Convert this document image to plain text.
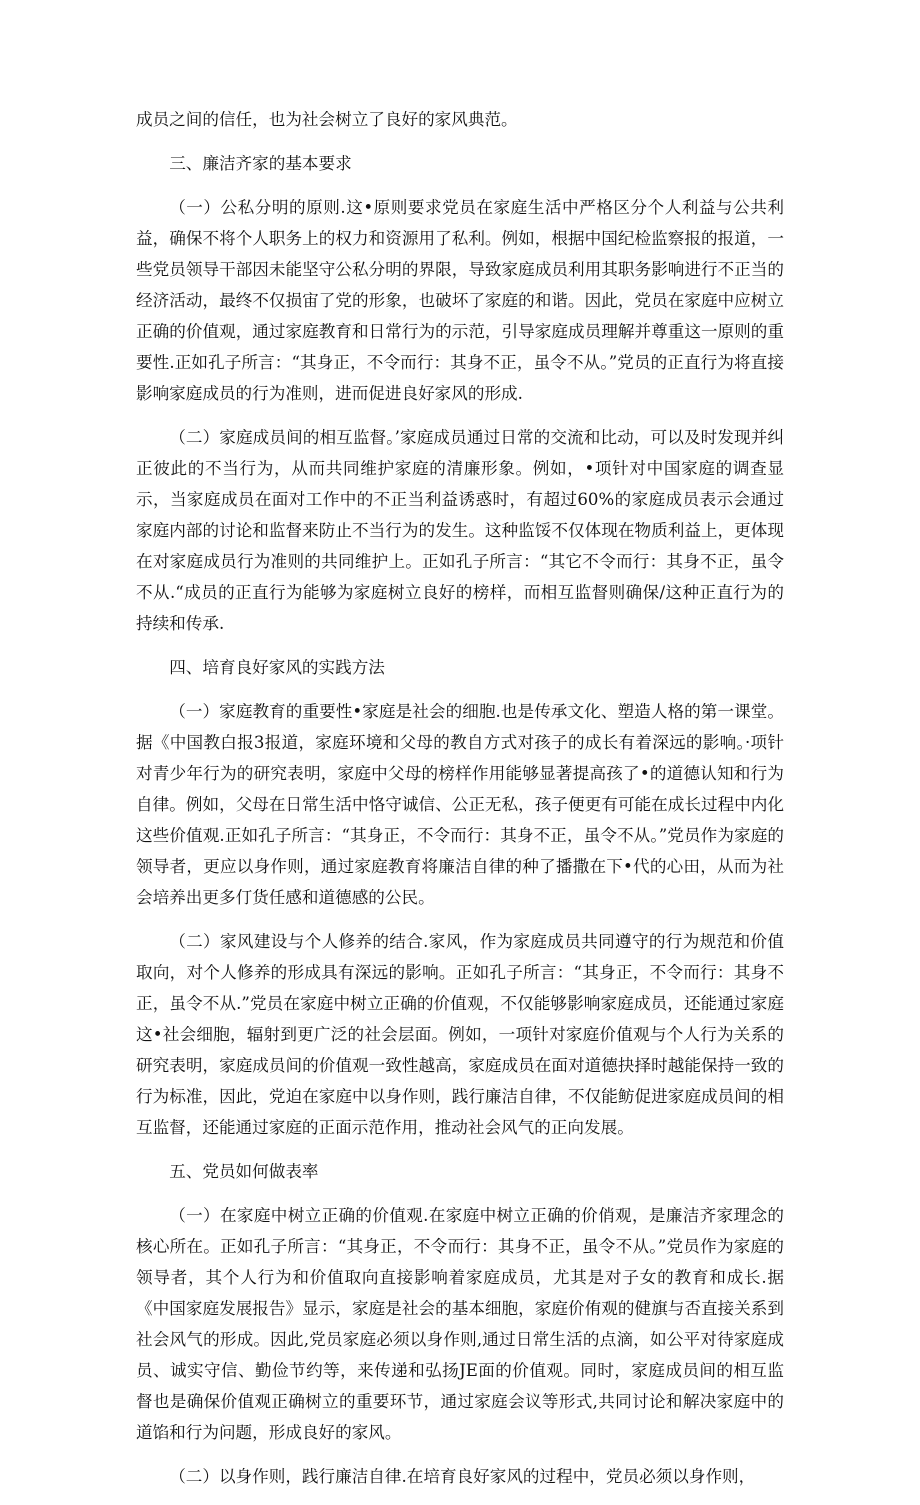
成员之间的信任，也为社会树立了良好的家风典范。

三、廉洁齐家的基本要求

（一）公私分明的原则.这•原则要求党员在家庭生活中严格区分个人利益与公共利益，确保不将个人职务上的权力和资源用了私利。例如，根据中国纪检监察报的报道，一些党员领导干部因未能坚守公私分明的界限，导致家庭成员利用其职务影响进行不正当的经济活动，最终不仅损宙了党的形象，也破坏了家庭的和谐。因此，党员在家庭中应树立正确的价值观，通过家庭教育和日常行为的示范，引导家庭成员理解并尊重这一原则的重要性.正如孔子所言：“其身正，不令而行：其身不正，虽令不从。”党员的正直行为将直接影响家庭成员的行为准则，进而促进良好家风的形成.

（二）家庭成员间的相互监督。’家庭成员通过日常的交流和比动，可以及时发现并纠正彼此的不当行为，从而共同维护家庭的清廉形象。例如，•项针对中国家庭的调查显示，当家庭成员在面对工作中的不正当利益诱惑时，有超过60%的家庭成员表示会通过家庭内部的讨论和监督来防止不当行为的发生。这种监馁不仅体现在物质利益上，更体现在对家庭成员行为准则的共同维护上。正如孔子所言：“其它不令而行：其身不正，虽令不从.“成员的正直行为能够为家庭树立良好的榜样，而相互监督则确保/这种正直行为的持续和传承.

四、培育良好家风的实践方法

（一）家庭教育的重要性•家庭是社会的细胞.也是传承文化、塑造人格的第一课堂。据《中国教白报3报道，家庭环境和父母的教自方式对孩子的成长有着深远的影响。·项针对青少年行为的研究表明，家庭中父母的榜样作用能够显著提高孩了•的道德认知和行为自律。例如，父母在日常生活中恪守诚信、公正无私，孩子便更有可能在成长过程中内化这些价值观.正如孔子所言：“其身正，不令而行：其身不正，虽令不从。”党员作为家庭的领导者，更应以身作则，通过家庭教育将廉洁自律的种了播撒在下•代的心田，从而为社会培养出更多仃货任感和道德感的公民。

（二）家风建设与个人修养的结合.家风，作为家庭成员共同遵守的行为规范和价值取向，对个人修养的形成具有深远的影响。正如孔子所言：“其身正，不令而行：其身不正，虽令不从.”党员在家庭中树立正确的价值观，不仅能够影响家庭成员，还能通过家庭这•社会细胞，辐射到更广泛的社会层面。例如，一项针对家庭价值观与个人行为关系的研究表明，家庭成员间的价值观一致性越高，家庭成员在面对道德抉择时越能保持一致的行为标准，因此，党迫在家庭中以身作则，践行廉洁自律，不仅能鲂促进家庭成员间的相互监督，还能通过家庭的正面示范作用，推动社会风气的正向发展。

五、党员如何做表率

（一）在家庭中树立正确的价值观.在家庭中树立正确的价俏观，是廉洁齐家理念的核心所在。正如孔子所言：“其身正，不令而行：其身不正，虽令不从。”党员作为家庭的领导者，其个人行为和价值取向直接影响着家庭成员，尤其是对子女的教育和成长.据《中国家庭发展报告》显示，家庭是社会的基本细胞，家庭价侑观的健旗与否直接关系到社会风气的形成。因此,党员家庭必须以身作则,通过日常生活的点滴，如公平对待家庭成员、诚实守信、勤俭节约等，来传递和弘扬JE面的价值观。同时，家庭成员间的相互监督也是确保价值观正确树立的重要环节，通过家庭会议等形式,共同讨论和解决家庭中的道馅和行为问题，形成良好的家风。

（二）以身作则，践行廉洁自律.在培育良好家风的过程中，党员必须以身作则，
